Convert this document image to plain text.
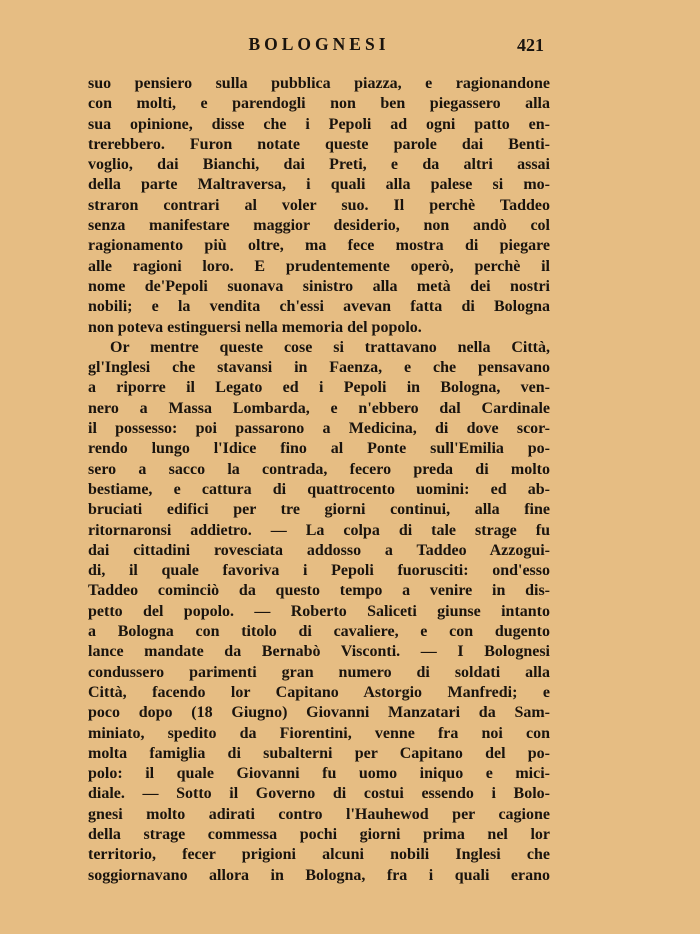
BOLOGNESI	421
suo pensiero sulla pubblica piazza, e ragionandone
con molti, e parendogli non ben piegassero alla
sua opinione, disse che i Pepoli ad ogni patto en-
trerebbero. Furon notate queste parole dai Benti-
voglio, dai Bianchi, dai Preti, e da altri assai
della parte Maltraversa, i quali alla palese si mo-
straron contrari al voler suo. Il perchè Taddeo
senza manifestare maggior desiderio, non andò col
ragionamento più oltre, ma fece mostra di piegare
alle ragioni loro. E prudentemente operò, perchè il
nome de'Pepoli suonava sinistro alla metà dei nostri
nobili; e la vendita ch'essi avevan fatta di Bologna
non poteva estinguersi nella memoria del popolo.
Or mentre queste cose si trattavano nella Città,
gl'Inglesi che stavansi in Faenza, e che pensavano
a riporre il Legato ed i Pepoli in Bologna, ven-
nero a Massa Lombarda, e n'ebbero dal Cardinale
il possesso: poi passarono a Medicina, di dove scor-
rendo lungo l'Idice fino al Ponte sull'Emilia po-
sero a sacco la contrada, fecero preda di molto
bestiame, e cattura di quattrocento uomini: ed ab-
bruciati edifici per tre giorni continui, alla fine
ritornaronsi addietro. — La colpa di tale strage fu
dai cittadini rovesciata addosso a Taddeo Azzogui-
di, il quale favoriva i Pepoli fuorusciti: ond'esso
Taddeo cominciò da questo tempo a venire in dis-
petto del popolo. — Roberto Saliceti giunse intanto
a Bologna con titolo di cavaliere, e con dugento
lance mandate da Bernabò Visconti. — I Bolognesi
condussero parimenti gran numero di soldati alla
Città, facendo lor Capitano Astorgio Manfredi; e
poco dopo (18 Giugno) Giovanni Manzatari da Sam-
miniato, spedito da Fiorentini, venne fra noi con
molta famiglia di subalterni per Capitano del po-
polo: il quale Giovanni fu uomo iniquo e mici-
diale. — Sotto il Governo di costui essendo i Bolo-
gnesi molto adirati contro l'Hauhewod per cagione
della strage commessa pochi giorni prima nel lor
territorio, fecer prigioni alcuni nobili Inglesi che
soggiornavano allora in Bologna, fra i quali erano
